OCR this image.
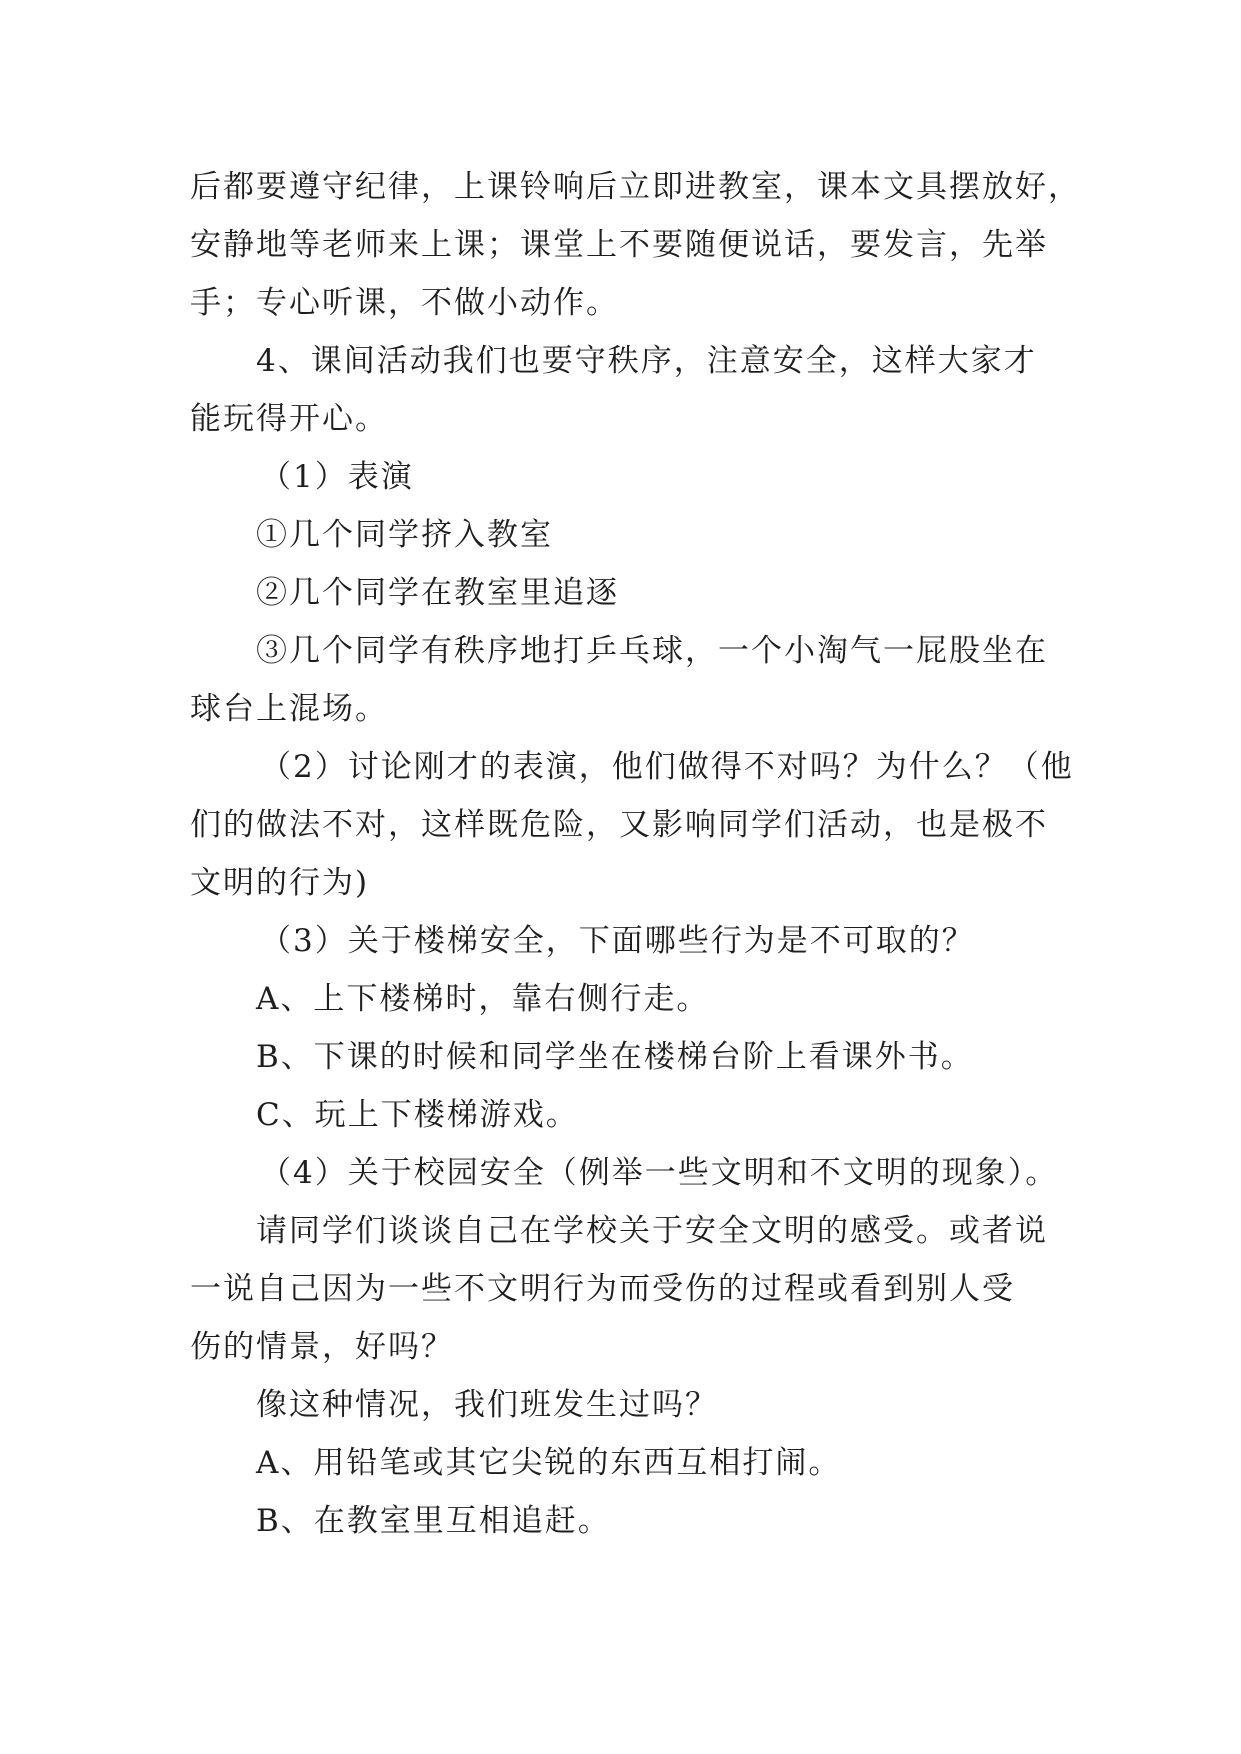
后都要遵守纪律，上课铃响后立即进教室，课本文具摆放好，
安静地等老师来上课；课堂上不要随便说话，要发言，先举
手；专心听课，不做小动作。
4、课间活动我们也要守秩序，注意安全，这样大家才
能玩得开心。
（1）表演
①几个同学挤入教室
②几个同学在教室里追逐
③几个同学有秩序地打乒乓球，一个小淘气一屁股坐在
球台上混场。
（2）讨论刚才的表演，他们做得不对吗？为什么？（他
们的做法不对，这样既危险，又影响同学们活动，也是极不
文明的行为)
（3）关于楼梯安全，下面哪些行为是不可取的？
A、上下楼梯时，靠右侧行走。
B、下课的时候和同学坐在楼梯台阶上看课外书。
C、玩上下楼梯游戏。
（4）关于校园安全（例举一些文明和不文明的现象）。
请同学们谈谈自己在学校关于安全文明的感受。或者说
一说自己因为一些不文明行为而受伤的过程或看到别人受
伤的情景，好吗？
像这种情况，我们班发生过吗？
A、用铅笔或其它尖锐的东西互相打闹。
B、在教室里互相追赶。
